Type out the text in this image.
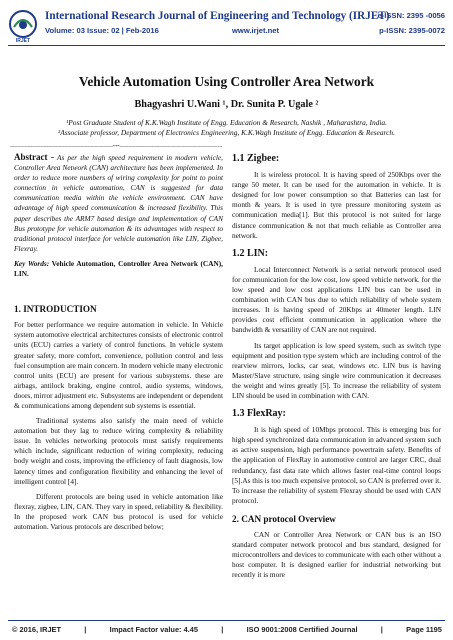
IRJET
International Research Journal of Engineering and Technology (IRJET)
e-ISSN: 2395 -0056
Volume: 03 Issue: 02 | Feb-2016	www.irjet.net	p-ISSN: 2395-0072
Vehicle Automation Using Controller Area Network
Bhagyashri U.Wani ¹, Dr. Sunita P. Ugale ²
¹Post Graduate Student of K.K.Wagh Institute of Engg. Education & Research, Nashik , Maharashtra, India.
²Associate professor, Department of Electronics Engineering, K.K.Wagh Institute of Engg. Education & Research.
----------------------------------------------------------------------***----------------------------------------------------------------------

Abstract - As per the high speed requirement in modern vehicle, Controller Area Network (CAN) architecture has been implemented. In order to reduce more numbers of wiring complexity for point to point connection in vehicle automation, CAN is suggested for data communication media within the vehicle environment. CAN have advantage of high speed communication & increased flexibility. This paper describes the ARM7 based design and implementation of CAN Bus prototype for vehicle automation & its advantages with respect to traditional protocol interface for vehicle automation like LIN, Zigbee, Flexray.

Key Words: Vehicle Automation, Controller Area Network (CAN), LIN.

1. INTRODUCTION

For better performance we require automation in vehicle. In Vehicle system automotive electrical architectures consists of electronic control units (ECU) carries a variety of control functions. In vehicle system greater safety, more comfort, convenience, pollution control and less fuel consumption are main concern. In modern vehicle many electronic control units (ECU) are present for various subsystems. these are airbags, antilock braking, engine control, audio systems, windows, doors, mirror adjustment etc. Subsystems are independent or dependent & communications among dependent sub systems is essential.

Traditional systems also satisfy the main need of vehicle automation but they lag to reduce wiring complexity & reliability issue. In vehicles networking protocols must satisfy requirements which include, significant reduction of wiring complexity, reducing body weight and costs, improving the efficiency of fault diagnosis, low latency times and configuration flexibility and enhancing the level of intelligent control [4].

Different protocols are being used in vehicle automation like flexray, zigbee, LIN, CAN. They vary in speed, reliability & flexibility. In the proposed work CAN bus protocol is used for vehicle automation. Various protocols are described below;

1.1 Zigbee:

It is wireless protocol. It is having speed of 250Kbps over the range 50 meter. It can be used for the automation in vehicle. It is designed for low power consumption so that Batteries can last for month & years. It is used in tyre pressure monitoring system as communication media[1]. But this protocol is not suited for large distance communication & not that much reliable as Controller area network.

1.2 LIN:

Local Interconnect Network is a serial network protocol used for communication for the low cost, low speed vehicle network. for the low speed and low cost applications LIN bus can be used in combination with CAN bus due to which reliability of whole system increases. It is having speed of 20Kbps at 40meter length. LIN provides cost efficient communication in application where the bandwidth & versatility of CAN are not required.

Its target application is low speed system, such as switch type equipment and position type system which are including control of the rearview mirrors, locks, car seat, windows etc. LIN bus is having Master/Slave structure, using single wire communication it decreases the weight and wires greatly [5]. To increase the reliability of system LIN should be used in combination with CAN.

1.3 FlexRay:

It is high speed of 10Mbps protocol. This is emerging bus for high speed synchronized data communication in advanced system such as active suspension, high performance powertrain safety. Benefits of the application of FlexRay in automotive control are larger CRC, dual redundancy, fast data rate which allows faster real-time control loops [5].As this is too much expensive protocol, so CAN is preferred over it. To increase the reliability of system Flexray should be used with CAN protocol.

2. CAN protocol Overview

CAN or Controller Area Network or CAN bus is an ISO standard computer network protocol and bus standard, designed for microcontrollers and devices to communicate with each other without a host computer. It is designed earlier for industrial networking but recently it is more

© 2016, IRJET	|	Impact Factor value: 4.45	|	ISO 9001:2008 Certified Journal	|	Page 1195
